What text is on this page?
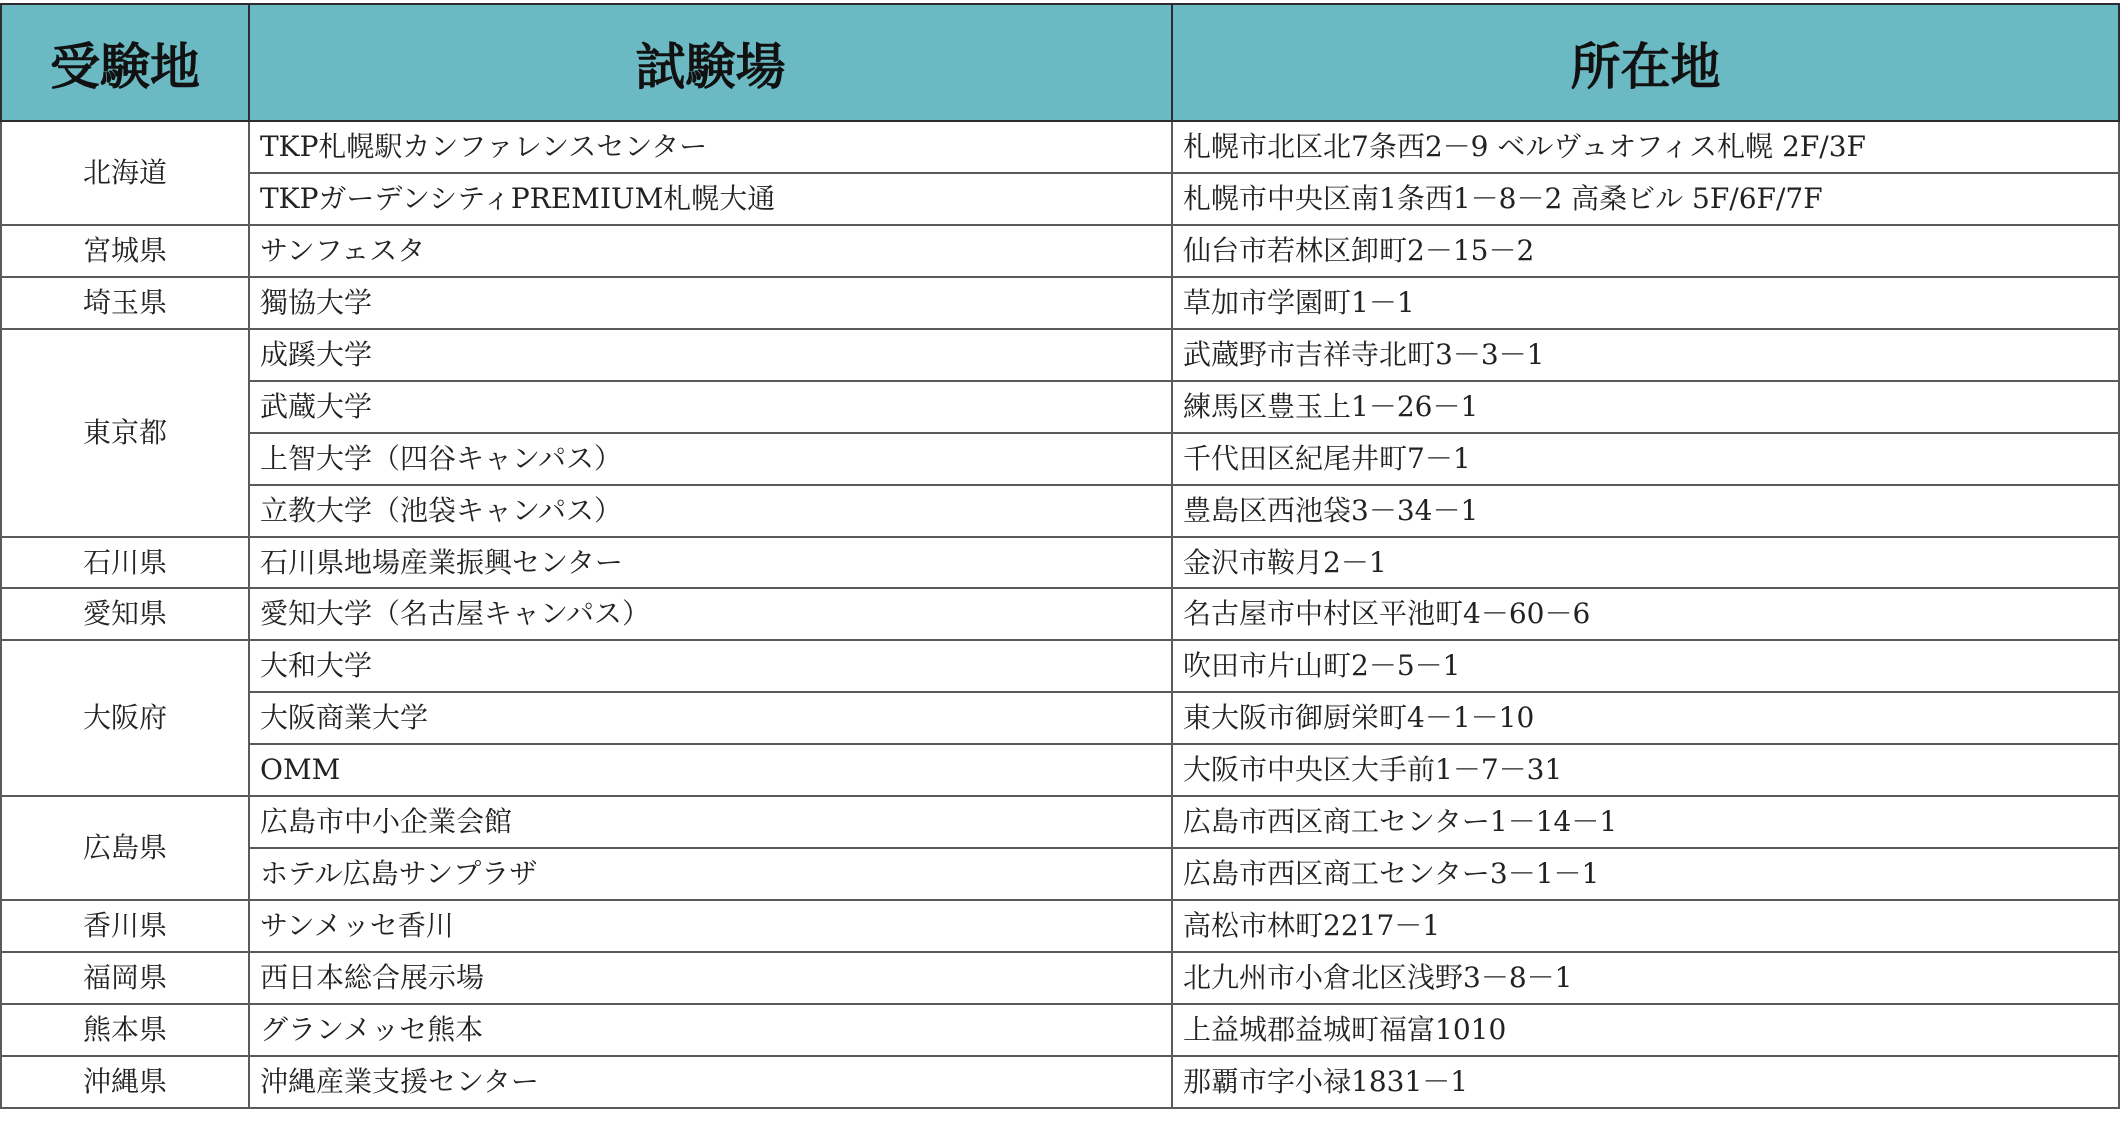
受験地	試験場	所在地
北海道	TKP札幌駅カンファレンスセンター	札幌市北区北7条西2－9 ベルヴュオフィス札幌 2F/3F
	TKPガーデンシティPREMIUM札幌大通	札幌市中央区南1条西1－8－2 高桑ビル 5F/6F/7F
宮城県	サンフェスタ	仙台市若林区卸町2－15－2
埼玉県	獨協大学	草加市学園町1－1
東京都	成蹊大学	武蔵野市吉祥寺北町3－3－1
	武蔵大学	練馬区豊玉上1－26－1
	上智大学（四谷キャンパス）	千代田区紀尾井町7－1
	立教大学（池袋キャンパス）	豊島区西池袋3－34－1
石川県	石川県地場産業振興センター	金沢市鞍月2－1
愛知県	愛知大学（名古屋キャンパス）	名古屋市中村区平池町4－60－6
大阪府	大和大学	吹田市片山町2－5－1
	大阪商業大学	東大阪市御厨栄町4－1－10
	OMM	大阪市中央区大手前1－7－31
広島県	広島市中小企業会館	広島市西区商工センター1－14－1
	ホテル広島サンプラザ	広島市西区商工センター3－1－1
香川県	サンメッセ香川	高松市林町2217－1
福岡県	西日本総合展示場	北九州市小倉北区浅野3－8－1
熊本県	グランメッセ熊本	上益城郡益城町福富1010
沖縄県	沖縄産業支援センター	那覇市字小禄1831－1
